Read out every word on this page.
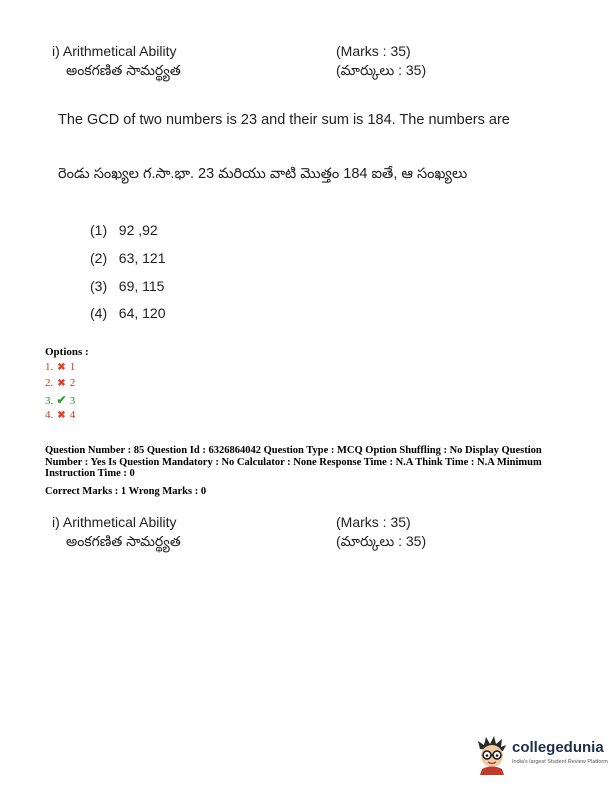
i) Arithmetical Ability
అంకగణిత సామర్థ్యత
(Marks : 35)
(మార్కులు : 35)
The GCD of two numbers is 23 and their sum is 184. The numbers are
రెండు సంఖ్యల గ.సా.భా. 23 మరియు వాటి మొత్తం 184 ఐతే, ఆ సంఖ్యలు
(1) 92 ,92
(2) 63, 121
(3) 69, 115
(4) 64, 120
Options :
1. ✖ 1
2. ✖ 2
3. ✔ 3
4. ✖ 4
Question Number : 85 Question Id : 6326864042 Question Type : MCQ Option Shuffling : No Display Question Number : Yes Is Question Mandatory : No Calculator : None Response Time : N.A Think Time : N.A Minimum Instruction Time : 0
Correct Marks : 1 Wrong Marks : 0
i) Arithmetical Ability
అంకగణిత సామర్థ్యత
(Marks : 35)
(మార్కులు : 35)
collegedunia
India's largest Student Review Platform
